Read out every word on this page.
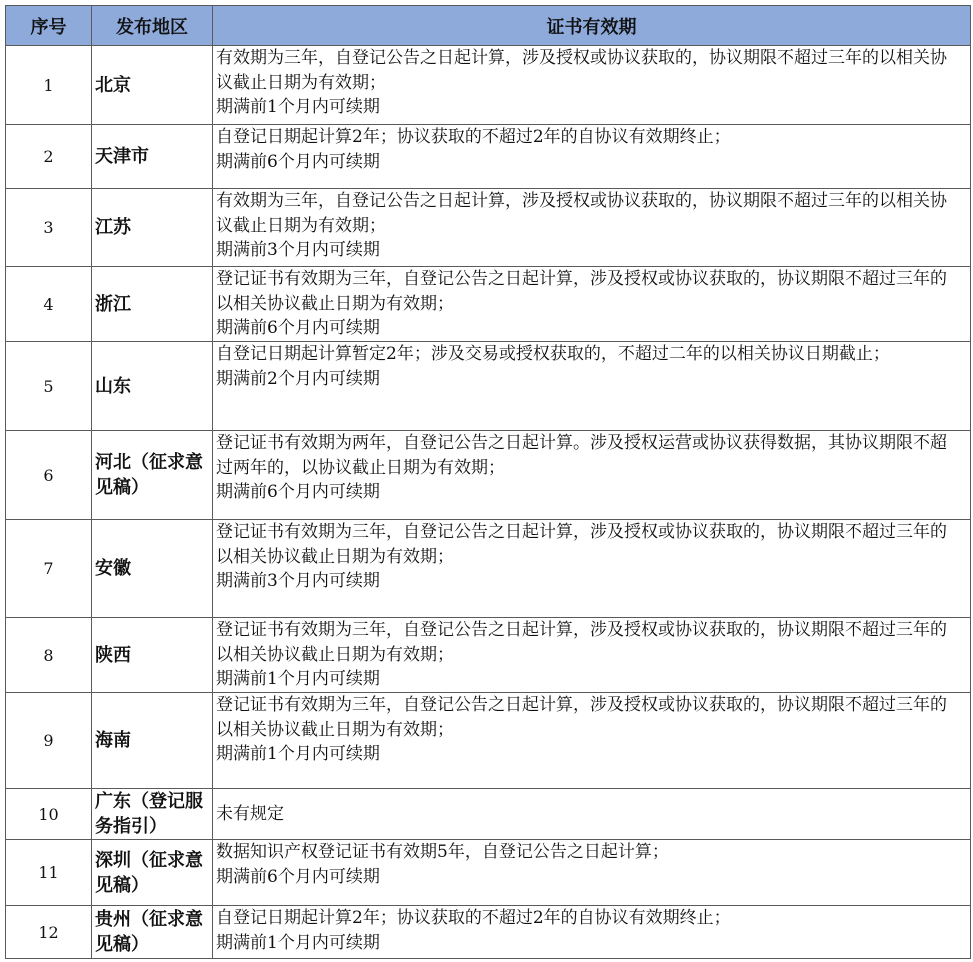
序号	发布地区	证书有效期
1	北京	有效期为三年，自登记公告之日起计算，涉及授权或协议获取的，协议期限不超过三年的以相关协议截止日期为有效期；
期满前1个月内可续期

2	天津市	自登记日期起计算2年；协议获取的不超过2年的自协议有效期终止；
期满前6个月内可续期

3	江苏	有效期为三年，自登记公告之日起计算，涉及授权或协议获取的，协议期限不超过三年的以相关协议截止日期为有效期；
期满前3个月内可续期

4	浙江	登记证书有效期为三年，自登记公告之日起计算，涉及授权或协议获取的，协议期限不超过三年的以相关协议截止日期为有效期；
期满前6个月内可续期

5	山东	自登记日期起计算暂定2年；涉及交易或授权获取的，不超过二年的以相关协议日期截止；
期满前2个月内可续期

6	河北（征求意见稿）	登记证书有效期为两年，自登记公告之日起计算。涉及授权运营或协议获得数据，其协议期限不超过两年的，以协议截止日期为有效期；
期满前6个月内可续期

7	安徽	登记证书有效期为三年，自登记公告之日起计算，涉及授权或协议获取的，协议期限不超过三年的以相关协议截止日期为有效期；
期满前3个月内可续期

8	陕西	登记证书有效期为三年，自登记公告之日起计算，涉及授权或协议获取的，协议期限不超过三年的以相关协议截止日期为有效期；
期满前1个月内可续期

9	海南	登记证书有效期为三年，自登记公告之日起计算，涉及授权或协议获取的，协议期限不超过三年的以相关协议截止日期为有效期；
期满前1个月内可续期

10	广东（登记服务指引）	未有规定

11	深圳（征求意见稿）	数据知识产权登记证书有效期5年，自登记公告之日起计算；
期满前6个月内可续期

12	贵州（征求意见稿）	自登记日期起计算2年；协议获取的不超过2年的自协议有效期终止；
期满前1个月内可续期
